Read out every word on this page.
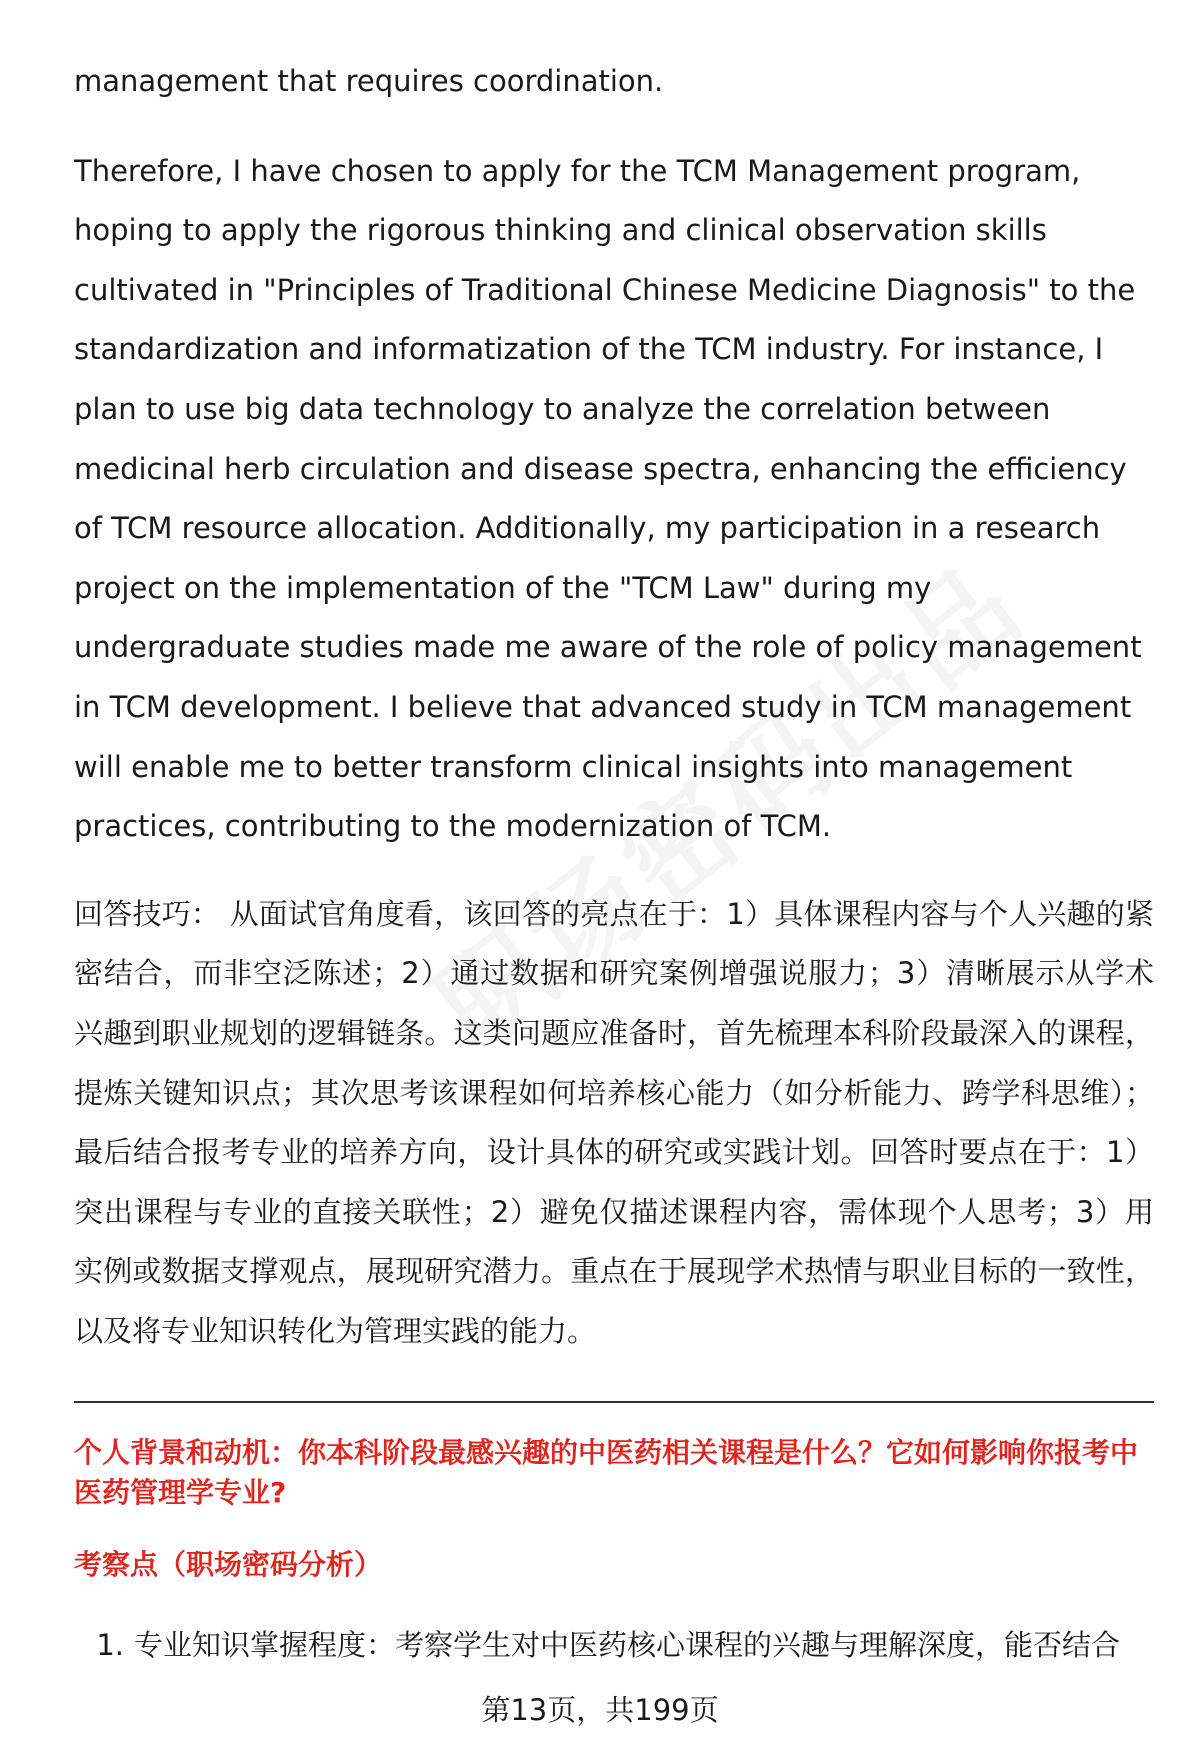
management that requires coordination.

Therefore, I have chosen to apply for the TCM Management program, hoping to apply the rigorous thinking and clinical observation skills cultivated in "Principles of Traditional Chinese Medicine Diagnosis" to the standardization and informatization of the TCM industry. For instance, I plan to use big data technology to analyze the correlation between medicinal herb circulation and disease spectra, enhancing the efficiency of TCM resource allocation. Additionally, my participation in a research project on the implementation of the "TCM Law" during my undergraduate studies made me aware of the role of policy management in TCM development. I believe that advanced study in TCM management will enable me to better transform clinical insights into management practices, contributing to the modernization of TCM.

回答技巧： 从面试官角度看，该回答的亮点在于：1）具体课程内容与个人兴趣的紧密结合，而非空泛陈述；2）通过数据和研究案例增强说服力；3）清晰展示从学术兴趣到职业规划的逻辑链条。这类问题应准备时，首先梳理本科阶段最深入的课程，提炼关键知识点；其次思考该课程如何培养核心能力（如分析能力、跨学科思维）；最后结合报考专业的培养方向，设计具体的研究或实践计划。回答时要点在于：1）突出课程与专业的直接关联性；2）避免仅描述课程内容，需体现个人思考；3）用实例或数据支撑观点，展现研究潜力。重点在于展现学术热情与职业目标的一致性，以及将专业知识转化为管理实践的能力。

个人背景和动机：你本科阶段最感兴趣的中医药相关课程是什么？它如何影响你报考中医药管理学专业?
考察点（职场密码分析）
1. 专业知识掌握程度：考察学生对中医药核心课程的兴趣与理解深度，能否结合
第13页，共199页
